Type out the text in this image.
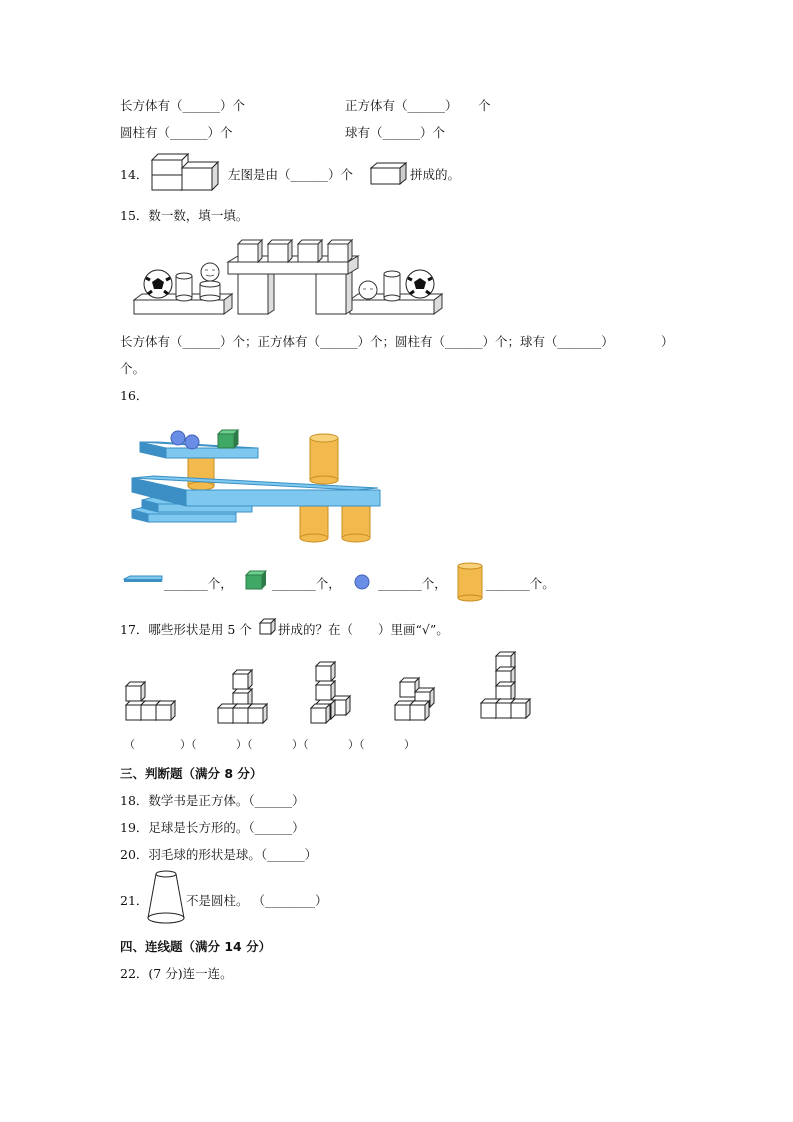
长方体有（______）个	正方体有（______） 个
圆柱有（______）个	球有（______）个
14．	左图是由（______）个	拼成的。
15．数一数，填一填。
长方体有（______）个；正方体有（______）个；圆柱有（______）个；球有（_______）	）
个。
16．
_______个，	_______个，	_______个，	_______个。
17．哪些形状是用 5 个 拼成的？在（　　）里画“√”。
（	）（	）（	）（	）（	）
三、判断题（满分 8 分）
18．数学书是正方体。（______）
19．足球是长方形的。（______）
20．羽毛球的形状是球。（______）
21．	不是圆柱。 （________）
四、连线题（满分 14 分）
22．(7 分)连一连。
